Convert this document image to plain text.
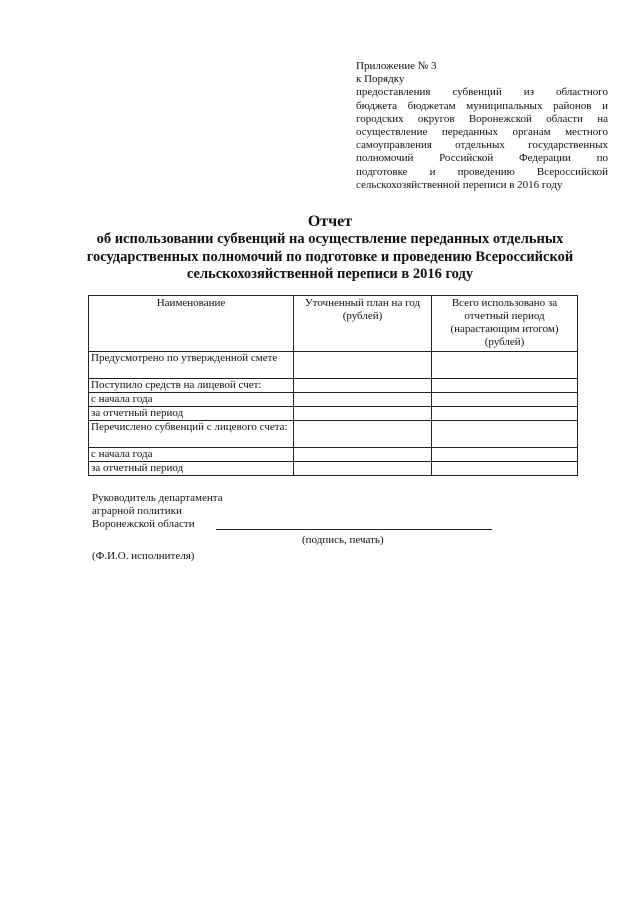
Приложение № 3
к Порядку
предоставления субвенций из областного
бюджета бюджетам муниципальных районов и
городских округов Воронежской области на
осуществление переданных органам местного
самоуправления отдельных государственных
полномочий Российской Федерации по
подготовке и проведению Всероссийской
сельскохозяйственной переписи в 2016 году
Отчет
об использовании субвенций на осуществление переданных отдельных
государственных полномочий по подготовке и проведению Всероссийской
сельскохозяйственной переписи в 2016 году
Наименование	Уточненный план на год (рублей)	Всего использовано за отчетный период (нарастающим итогом) (рублей)
Предусмотрено по утвержденной смете		
Поступило средств на лицевой счет:		
с начала года		
за отчетный период		
Перечислено субвенций с лицевого счета:		
с начала года		
за отчетный период		
Руководитель департамента
аграрной политики
Воронежской области
(подпись, печать)
(Ф.И.О. исполнителя)
